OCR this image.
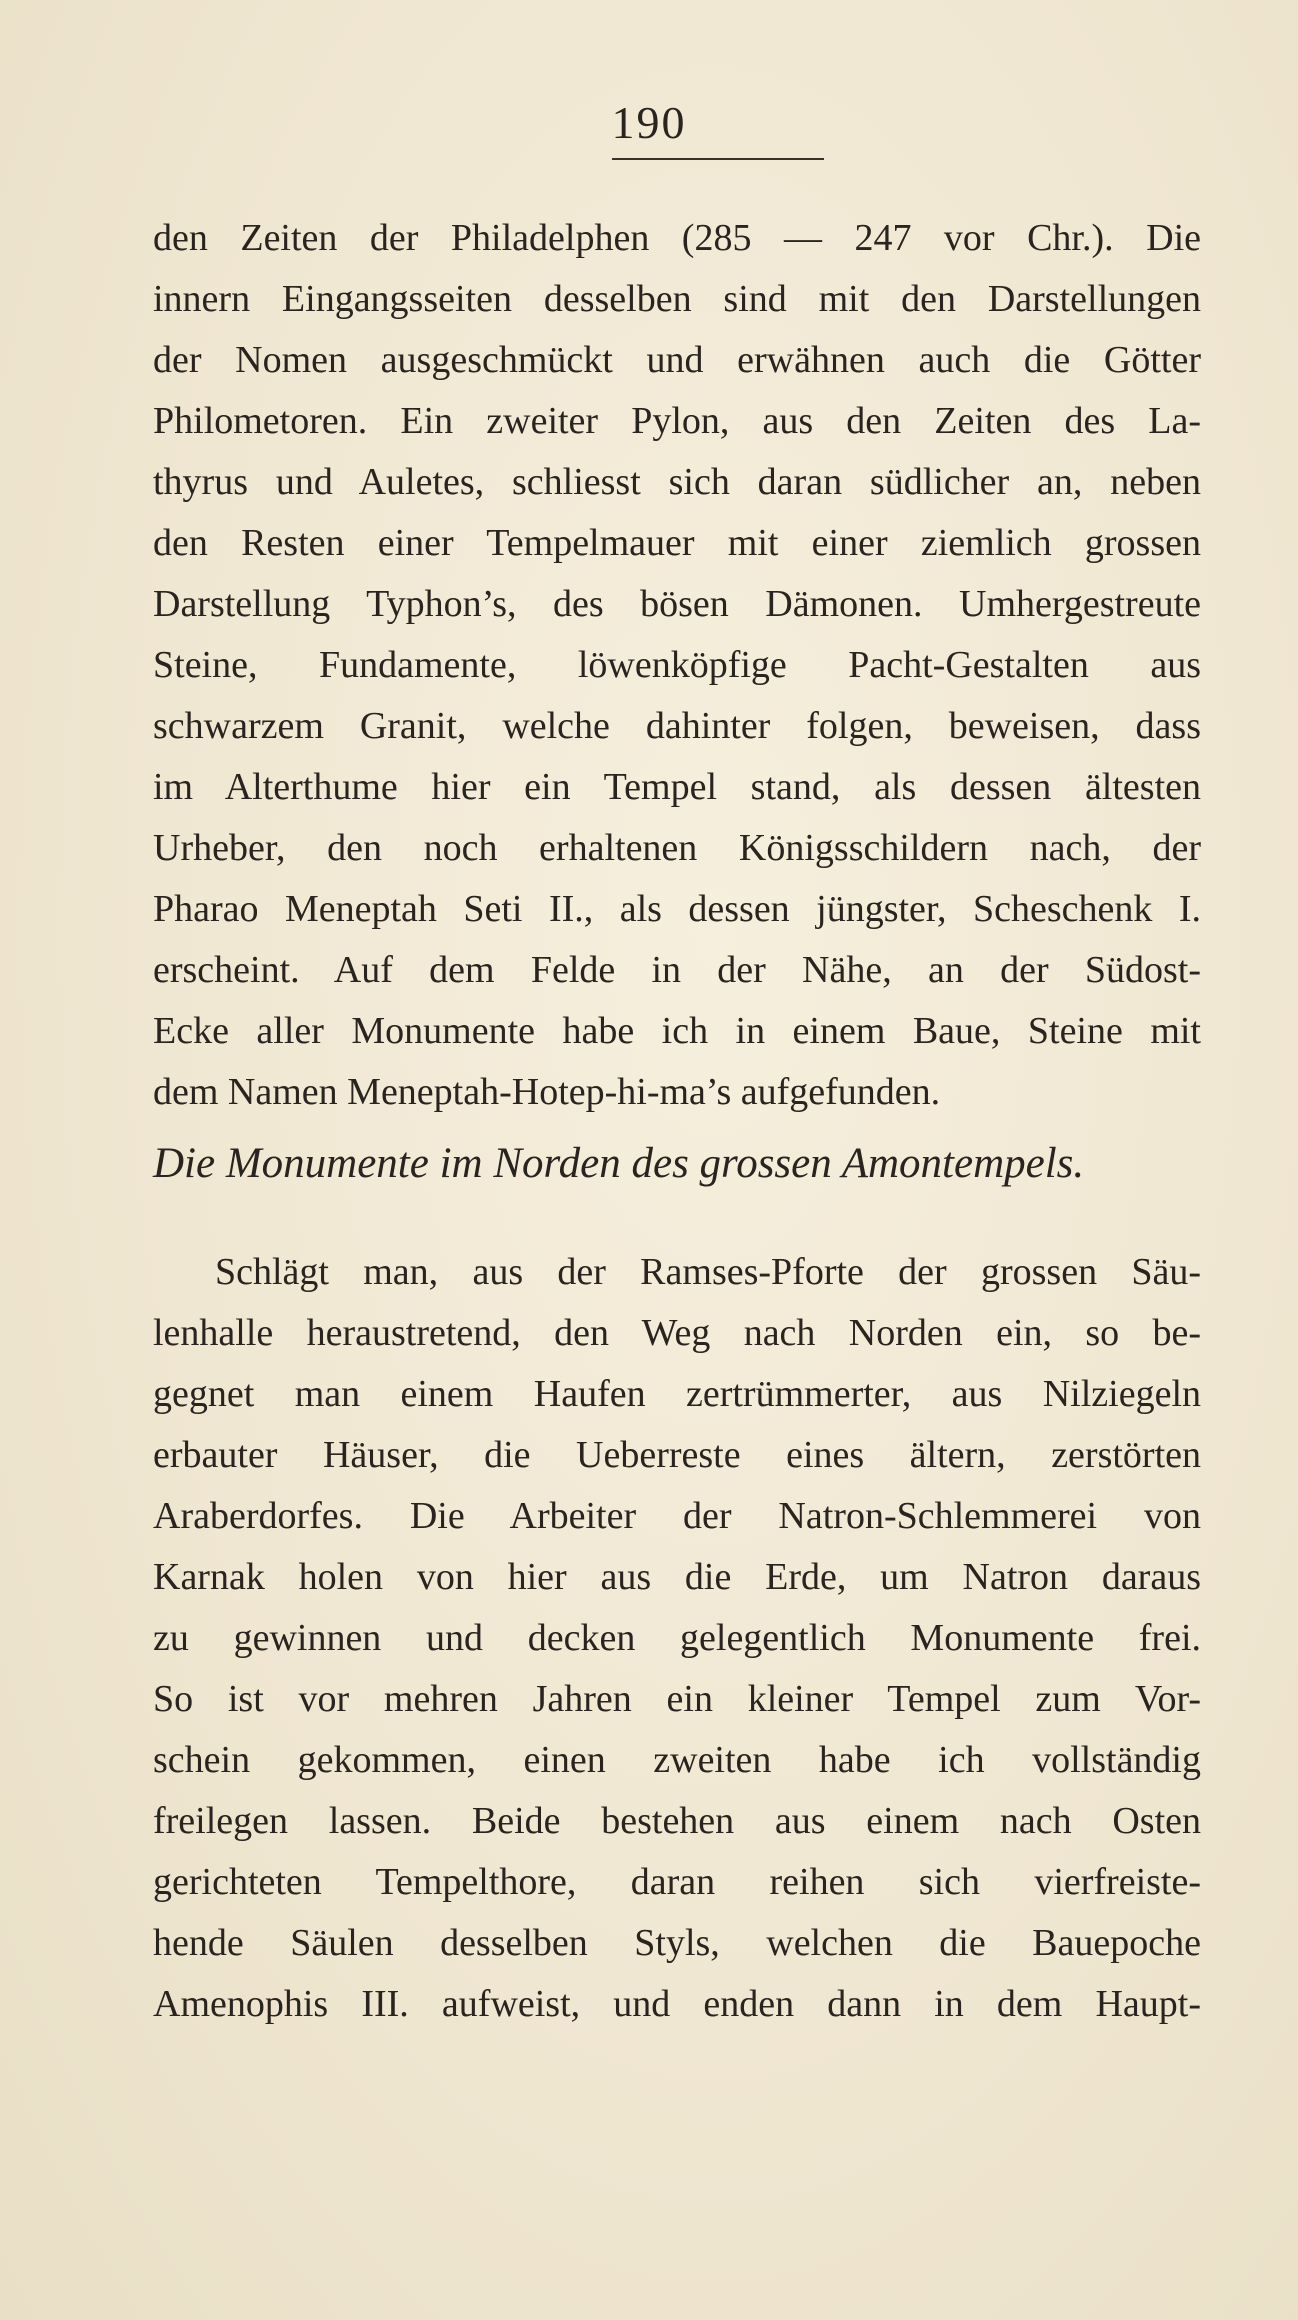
190
den Zeiten der Philadelphen (285 — 247 vor Chr.). Die
innern Eingangsseiten desselben sind mit den Darstellungen
der Nomen ausgeschmückt und erwähnen auch die Götter
Philometoren. Ein zweiter Pylon, aus den Zeiten des La-
thyrus und Auletes, schliesst sich daran südlicher an, neben
den Resten einer Tempelmauer mit einer ziemlich grossen
Darstellung Typhon’s, des bösen Dämonen. Umhergestreute
Steine, Fundamente, löwenköpfige Pacht-Gestalten aus
schwarzem Granit, welche dahinter folgen, beweisen, dass
im Alterthume hier ein Tempel stand, als dessen ältesten
Urheber, den noch erhaltenen Königsschildern nach, der
Pharao Meneptah Seti II., als dessen jüngster, Scheschenk I.
erscheint. Auf dem Felde in der Nähe, an der Südost-
Ecke aller Monumente habe ich in einem Baue, Steine mit
dem Namen Meneptah-Hotep-hi-ma’s aufgefunden.
Die Monumente im Norden des grossen Amontempels.
Schlägt man, aus der Ramses-Pforte der grossen Säu-
lenhalle heraustretend, den Weg nach Norden ein, so be-
gegnet man einem Haufen zertrümmerter, aus Nilziegeln
erbauter Häuser, die Ueberreste eines ältern, zerstörten
Araberdorfes. Die Arbeiter der Natron-Schlemmerei von
Karnak holen von hier aus die Erde, um Natron daraus
zu gewinnen und decken gelegentlich Monumente frei.
So ist vor mehren Jahren ein kleiner Tempel zum Vor-
schein gekommen, einen zweiten habe ich vollständig
freilegen lassen. Beide bestehen aus einem nach Osten
gerichteten Tempelthore, daran reihen sich vierfreiste-
hende Säulen desselben Styls, welchen die Bauepoche
Amenophis III. aufweist, und enden dann in dem Haupt-
